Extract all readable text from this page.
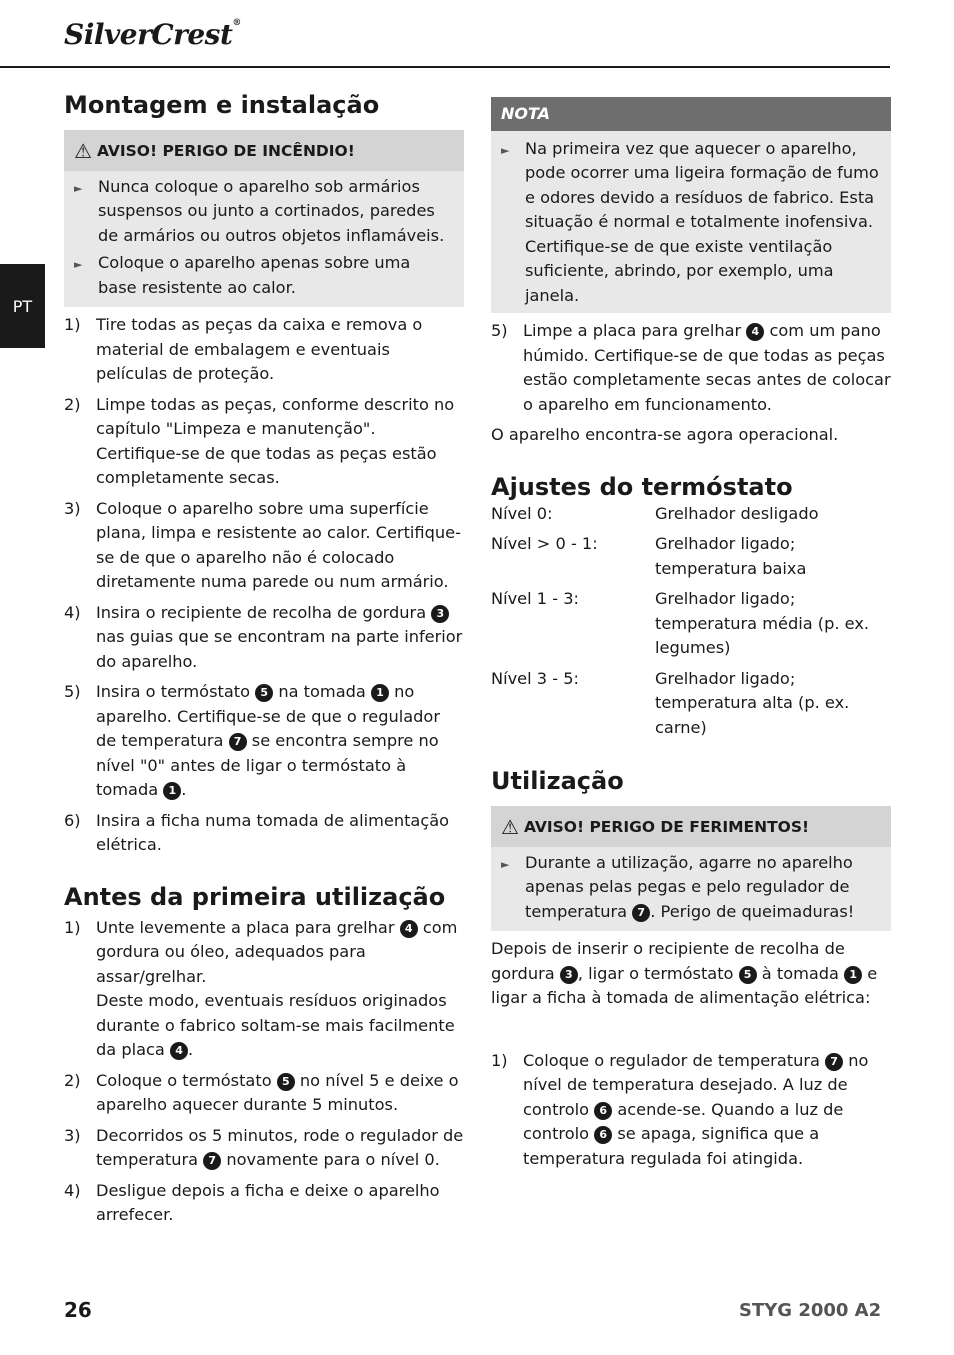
SilverCrest®
PT
Montagem e instalação
⚠ AVISO! PERIGO DE INCÊNDIO!
► Nunca coloque o aparelho sob armários suspensos ou junto a cortinados, paredes de armários ou outros objetos inflamáveis.
► Coloque o aparelho apenas sobre uma base resistente ao calor.
1) Tire todas as peças da caixa e remova o material de embalagem e eventuais películas de proteção.
2) Limpe todas as peças, conforme descrito no capítulo "Limpeza e manutenção". Certifique-se de que todas as peças estão completamente secas.
3) Coloque o aparelho sobre uma superfície plana, limpa e resistente ao calor. Certifique-se de que o aparelho não é colocado diretamente numa parede ou num armário.
4) Insira o recipiente de recolha de gordura 3 nas guias que se encontram na parte inferior do aparelho.
5) Insira o termóstato 5 na tomada 1 no aparelho. Certifique-se de que o regulador de temperatura 7 se encontra sempre no nível "0" antes de ligar o termóstato à tomada 1 .
6) Insira a ficha numa tomada de alimentação elétrica.
Antes da primeira utilização
1) Unte levemente a placa para grelhar 4 com gordura ou óleo, adequados para assar/grelhar.
Deste modo, eventuais resíduos originados durante o fabrico soltam-se mais facilmente da placa 4 .
2) Coloque o termóstato 5 no nível 5 e deixe o aparelho aquecer durante 5 minutos.
3) Decorridos os 5 minutos, rode o regulador de temperatura 7 novamente para o nível 0.
4) Desligue depois a ficha e deixe o aparelho arrefecer.
NOTA
► Na primeira vez que aquecer o aparelho, pode ocorrer uma ligeira formação de fumo e odores devido a resíduos de fabrico. Esta situação é normal e totalmente inofensiva. Certifique-se de que existe ventilação suficiente, abrindo, por exemplo, uma janela.
5) Limpe a placa para grelhar 4 com um pano húmido. Certifique-se de que todas as peças estão completamente secas antes de colocar o aparelho em funcionamento.

O aparelho encontra-se agora operacional.

Ajustes do termóstato
Nível 0:	Grelhador desligado
Nível > 0 - 1:	Grelhador ligado; temperatura baixa
Nível 1 - 3:	Grelhador ligado; temperatura média (p. ex. legumes)
Nível 3 - 5:	Grelhador ligado; temperatura alta (p. ex. carne)
Utilização
⚠ AVISO! PERIGO DE FERIMENTOS!
► Durante a utilização, agarre no aparelho apenas pelas pegas e pelo regulador de temperatura 7 . Perigo de queimaduras!

Depois de inserir o recipiente de recolha de gordura 3 , ligar o termóstato 5 à tomada 1 e ligar a ficha à tomada de alimentação elétrica:

1) Coloque o regulador de temperatura 7 no nível de temperatura desejado. A luz de controlo 6 acende-se. Quando a luz de controlo 6 se apaga, significa que a temperatura regulada foi atingida.
26	STYG 2000 A2
